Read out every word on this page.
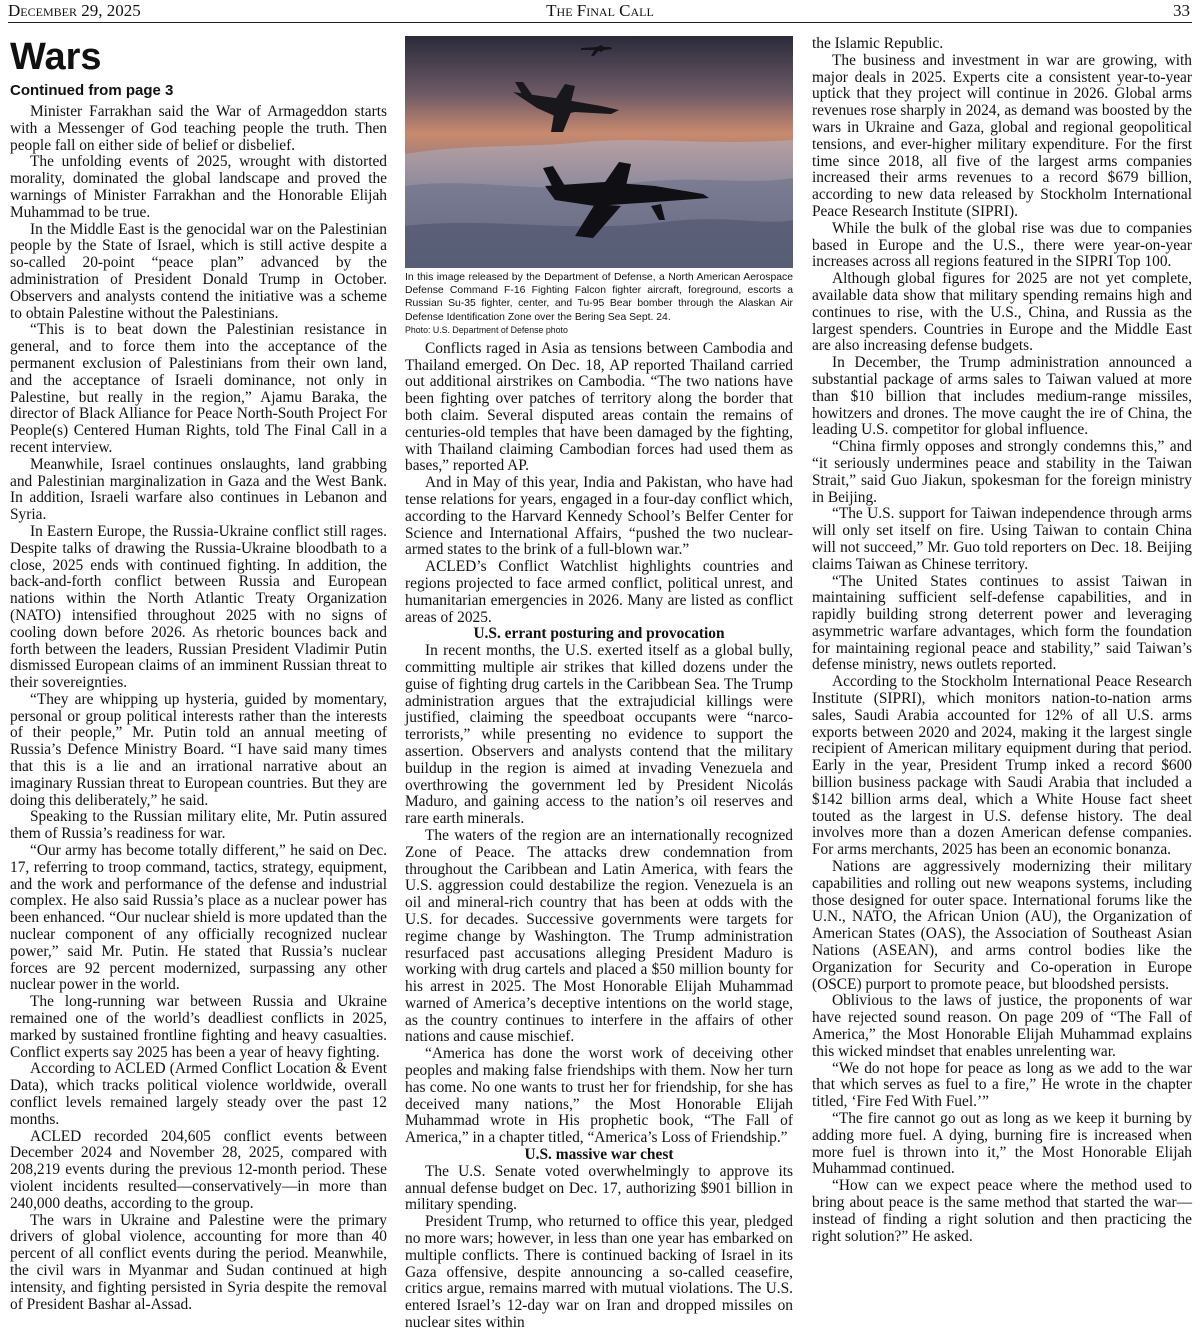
December 29, 2025	The Final Call	33
Wars
Continued from page 3

Minister Farrakhan said the War of Armageddon starts with a Messenger of God teaching people the truth. Then people fall on either side of belief or disbelief.

The unfolding events of 2025, wrought with distorted morality, dominated the global landscape and proved the warnings of Minister Farrakhan and the Honorable Elijah Muhammad to be true.

In the Middle East is the genocidal war on the Palestinian people by the State of Israel, which is still active despite a so-called 20-point “peace plan” advanced by the administration of President Donald Trump in October. Observers and analysts contend the initiative was a scheme to obtain Palestine without the Palestinians.

“This is to beat down the Palestinian resistance in general, and to force them into the acceptance of the permanent exclusion of Palestinians from their own land, and the acceptance of Israeli dominance, not only in Palestine, but really in the region,” Ajamu Baraka, the director of Black Alliance for Peace North-South Project For People(s) Centered Human Rights, told The Final Call in a recent interview.

Meanwhile, Israel continues onslaughts, land grabbing and Palestinian marginalization in Gaza and the West Bank. In addition, Israeli warfare also continues in Lebanon and Syria.

In Eastern Europe, the Russia-Ukraine conflict still rages. Despite talks of drawing the Russia-Ukraine bloodbath to a close, 2025 ends with continued fighting. In addition, the back-and-forth conflict between Russia and European nations within the North Atlantic Treaty Organization (NATO) intensified throughout 2025 with no signs of cooling down before 2026. As rhetoric bounces back and forth between the leaders, Russian President Vladimir Putin dismissed European claims of an imminent Russian threat to their sovereignties.

“They are whipping up hysteria, guided by momentary, personal or group political interests rather than the interests of their people,” Mr. Putin told an annual meeting of Russia’s Defence Ministry Board. “I have said many times that this is a lie and an irrational narrative about an imaginary Russian threat to European countries. But they are doing this deliberately,” he said.

Speaking to the Russian military elite, Mr. Putin assured them of Russia’s readiness for war.

“Our army has become totally different,” he said on Dec. 17, referring to troop command, tactics, strategy, equipment, and the work and performance of the defense and industrial complex. He also said Russia’s place as a nuclear power has been enhanced. “Our nuclear shield is more updated than the nuclear component of any officially recognized nuclear power,” said Mr. Putin. He stated that Russia’s nuclear forces are 92 percent modernized, surpassing any other nuclear power in the world.

The long-running war between Russia and Ukraine remained one of the world’s deadliest conflicts in 2025, marked by sustained frontline fighting and heavy casualties. Conflict experts say 2025 has been a year of heavy fighting.

According to ACLED (Armed Conflict Location & Event Data), which tracks political violence worldwide, overall conflict levels remained largely steady over the past 12 months.

ACLED recorded 204,605 conflict events between December 2024 and November 28, 2025, compared with 208,219 events during the previous 12-month period. These violent incidents resulted—conservatively—in more than 240,000 deaths, according to the group.

The wars in Ukraine and Palestine were the primary drivers of global violence, accounting for more than 40 percent of all conflict events during the period. Meanwhile, the civil wars in Myanmar and Sudan continued at high intensity, and fighting persisted in Syria despite the removal of President Bashar al-Assad.

In this image released by the Department of Defense, a North American Aerospace Defense Command F-16 Fighting Falcon fighter aircraft, foreground, escorts a Russian Su-35 fighter, center, and Tu-95 Bear bomber through the Alaskan Air Defense Identification Zone over the Bering Sea Sept. 24.
Photo: U.S. Department of Defense photo

Conflicts raged in Asia as tensions between Cambodia and Thailand emerged. On Dec. 18, AP reported Thailand carried out additional airstrikes on Cambodia. “The two nations have been fighting over patches of territory along the border that both claim. Several disputed areas contain the remains of centuries-old temples that have been damaged by the fighting, with Thailand claiming Cambodian forces had used them as bases,” reported AP.

And in May of this year, India and Pakistan, who have had tense relations for years, engaged in a four-day conflict which, according to the Harvard Kennedy School’s Belfer Center for Science and International Affairs, “pushed the two nuclear-armed states to the brink of a full-blown war.”

ACLED’s Conflict Watchlist highlights countries and regions projected to face armed conflict, political unrest, and humanitarian emergencies in 2026. Many are listed as conflict areas of 2025.

U.S. errant posturing and provocation

In recent months, the U.S. exerted itself as a global bully, committing multiple air strikes that killed dozens under the guise of fighting drug cartels in the Caribbean Sea. The Trump administration argues that the extrajudicial killings were justified, claiming the speedboat occupants were “narco-terrorists,” while presenting no evidence to support the assertion. Observers and analysts contend that the military buildup in the region is aimed at invading Venezuela and overthrowing the government led by President Nicolás Maduro, and gaining access to the nation’s oil reserves and rare earth minerals.

The waters of the region are an internationally recognized Zone of Peace. The attacks drew condemnation from throughout the Caribbean and Latin America, with fears the U.S. aggression could destabilize the region. Venezuela is an oil and mineral-rich country that has been at odds with the U.S. for decades. Successive governments were targets for regime change by Washington. The Trump administration resurfaced past accusations alleging President Maduro is working with drug cartels and placed a $50 million bounty for his arrest in 2025. The Most Honorable Elijah Muhammad warned of America’s deceptive intentions on the world stage, as the country continues to interfere in the affairs of other nations and cause mischief.

“America has done the worst work of deceiving other peoples and making false friendships with them. Now her turn has come. No one wants to trust her for friendship, for she has deceived many nations,” the Most Honorable Elijah Muhammad wrote in His prophetic book, “The Fall of America,” in a chapter titled, “America’s Loss of Friendship.”

U.S. massive war chest

The U.S. Senate voted overwhelmingly to approve its annual defense budget on Dec. 17, authorizing $901 billion in military spending.

President Trump, who returned to office this year, pledged no more wars; however, in less than one year has embarked on multiple conflicts. There is continued backing of Israel in its Gaza offensive, despite announcing a so-called ceasefire, critics argue, remains marred with mutual violations. The U.S. entered Israel’s 12-day war on Iran and dropped missiles on nuclear sites within

the Islamic Republic.

The business and investment in war are growing, with major deals in 2025. Experts cite a consistent year-to-year uptick that they project will continue in 2026. Global arms revenues rose sharply in 2024, as demand was boosted by the wars in Ukraine and Gaza, global and regional geopolitical tensions, and ever-higher military expenditure. For the first time since 2018, all five of the largest arms companies increased their arms revenues to a record $679 billion, according to new data released by Stockholm International Peace Research Institute (SIPRI).

While the bulk of the global rise was due to companies based in Europe and the U.S., there were year-on-year increases across all regions featured in the SIPRI Top 100.

Although global figures for 2025 are not yet complete, available data show that military spending remains high and continues to rise, with the U.S., China, and Russia as the largest spenders. Countries in Europe and the Middle East are also increasing defense budgets.

In December, the Trump administration announced a substantial package of arms sales to Taiwan valued at more than $10 billion that includes medium-range missiles, howitzers and drones. The move caught the ire of China, the leading U.S. competitor for global influence.

“China firmly opposes and strongly condemns this,” and “it seriously undermines peace and stability in the Taiwan Strait,” said Guo Jiakun, spokesman for the foreign ministry in Beijing.

“The U.S. support for Taiwan independence through arms will only set itself on fire. Using Taiwan to contain China will not succeed,” Mr. Guo told reporters on Dec. 18. Beijing claims Taiwan as Chinese territory.

“The United States continues to assist Taiwan in maintaining sufficient self-defense capabilities, and in rapidly building strong deterrent power and leveraging asymmetric warfare advantages, which form the foundation for maintaining regional peace and stability,” said Taiwan’s defense ministry, news outlets reported.

According to the Stockholm International Peace Research Institute (SIPRI), which monitors nation-to-nation arms sales, Saudi Arabia accounted for 12% of all U.S. arms exports between 2020 and 2024, making it the largest single recipient of American military equipment during that period. Early in the year, President Trump inked a record $600 billion business package with Saudi Arabia that included a $142 billion arms deal, which a White House fact sheet touted as the largest in U.S. defense history. The deal involves more than a dozen American defense companies. For arms merchants, 2025 has been an economic bonanza.

Nations are aggressively modernizing their military capabilities and rolling out new weapons systems, including those designed for outer space. International forums like the U.N., NATO, the African Union (AU), the Organization of American States (OAS), the Association of Southeast Asian Nations (ASEAN), and arms control bodies like the Organization for Security and Co-operation in Europe (OSCE) purport to promote peace, but bloodshed persists.

Oblivious to the laws of justice, the proponents of war have rejected sound reason. On page 209 of “The Fall of America,” the Most Honorable Elijah Muhammad explains this wicked mindset that enables unrelenting war.

“We do not hope for peace as long as we add to the war that which serves as fuel to a fire,” He wrote in the chapter titled, ‘Fire Fed With Fuel.’”

“The fire cannot go out as long as we keep it burning by adding more fuel. A dying, burning fire is increased when more fuel is thrown into it,” the Most Honorable Elijah Muhammad continued.

“How can we expect peace where the method used to bring about peace is the same method that started the war—instead of finding a right solution and then practicing the right solution?” He asked.
